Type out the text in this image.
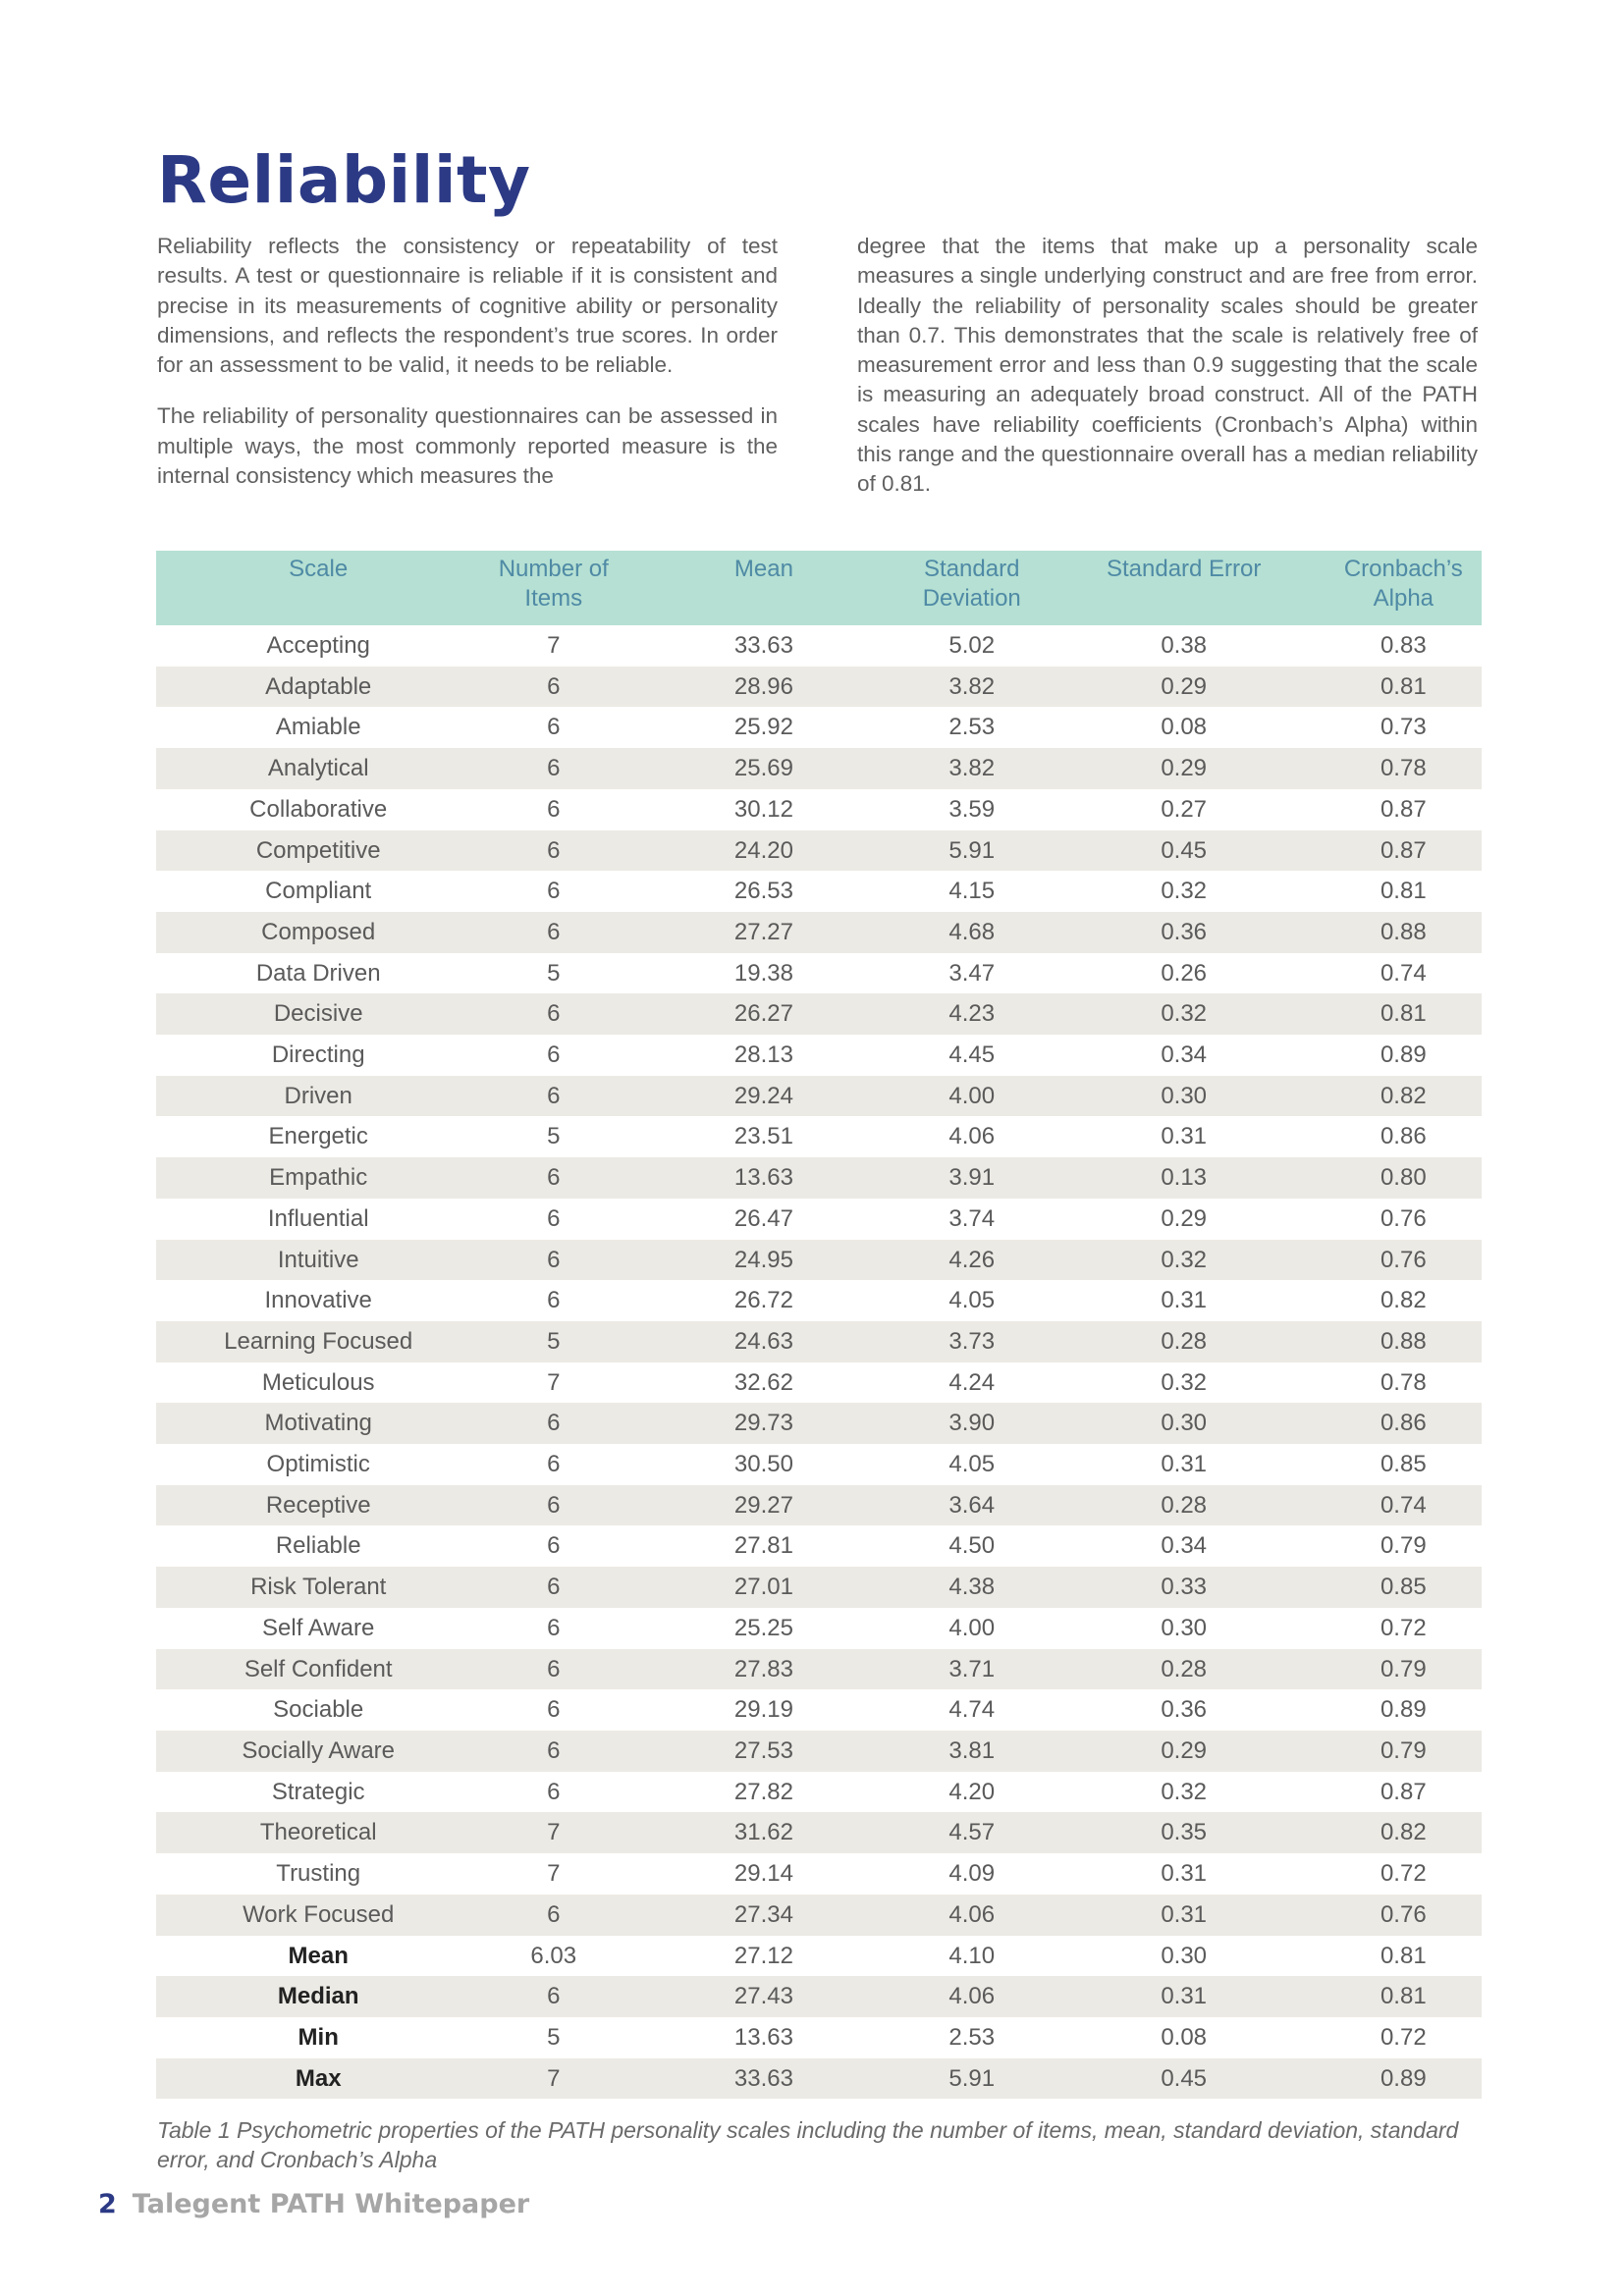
Reliability

Reliability reflects the consistency or repeatability of test results. A test or questionnaire is reliable if it is consistent and precise in its measurements of cognitive ability or personality dimensions, and reflects the respondent’s true scores. In order for an assessment to be valid, it needs to be reliable.

The reliability of personality questionnaires can be assessed in multiple ways, the most commonly reported measure is the internal consistency which measures the

degree that the items that make up a personality scale measures a single underlying construct and are free from error. Ideally the reliability of personality scales should be greater than 0.7. This demonstrates that the scale is relatively free of measurement error and less than 0.9 suggesting that the scale is measuring an adequately broad construct. All of the PATH scales have reliability coefficients (Cronbach’s Alpha) within this range and the questionnaire overall has a median reliability of 0.81.

Scale	Number of Items	Mean	Standard Deviation	Standard Error	Cronbach’s Alpha
Accepting	7	33.63	5.02	0.38	0.83
Adaptable	6	28.96	3.82	0.29	0.81
Amiable	6	25.92	2.53	0.08	0.73
Analytical	6	25.69	3.82	0.29	0.78
Collaborative	6	30.12	3.59	0.27	0.87
Competitive	6	24.20	5.91	0.45	0.87
Compliant	6	26.53	4.15	0.32	0.81
Composed	6	27.27	4.68	0.36	0.88
Data Driven	5	19.38	3.47	0.26	0.74
Decisive	6	26.27	4.23	0.32	0.81
Directing	6	28.13	4.45	0.34	0.89
Driven	6	29.24	4.00	0.30	0.82
Energetic	5	23.51	4.06	0.31	0.86
Empathic	6	13.63	3.91	0.13	0.80
Influential	6	26.47	3.74	0.29	0.76
Intuitive	6	24.95	4.26	0.32	0.76
Innovative	6	26.72	4.05	0.31	0.82
Learning Focused	5	24.63	3.73	0.28	0.88
Meticulous	7	32.62	4.24	0.32	0.78
Motivating	6	29.73	3.90	0.30	0.86
Optimistic	6	30.50	4.05	0.31	0.85
Receptive	6	29.27	3.64	0.28	0.74
Reliable	6	27.81	4.50	0.34	0.79
Risk Tolerant	6	27.01	4.38	0.33	0.85
Self Aware	6	25.25	4.00	0.30	0.72
Self Confident	6	27.83	3.71	0.28	0.79
Sociable	6	29.19	4.74	0.36	0.89
Socially Aware	6	27.53	3.81	0.29	0.79
Strategic	6	27.82	4.20	0.32	0.87
Theoretical	7	31.62	4.57	0.35	0.82
Trusting	7	29.14	4.09	0.31	0.72
Work Focused	6	27.34	4.06	0.31	0.76
Mean	6.03	27.12	4.10	0.30	0.81
Median	6	27.43	4.06	0.31	0.81
Min	5	13.63	2.53	0.08	0.72
Max	7	33.63	5.91	0.45	0.89
Table 1 Psychometric properties of the PATH personality scales including the number of items, mean, standard deviation, standard error, and Cronbach’s Alpha
2 Talegent PATH Whitepaper
